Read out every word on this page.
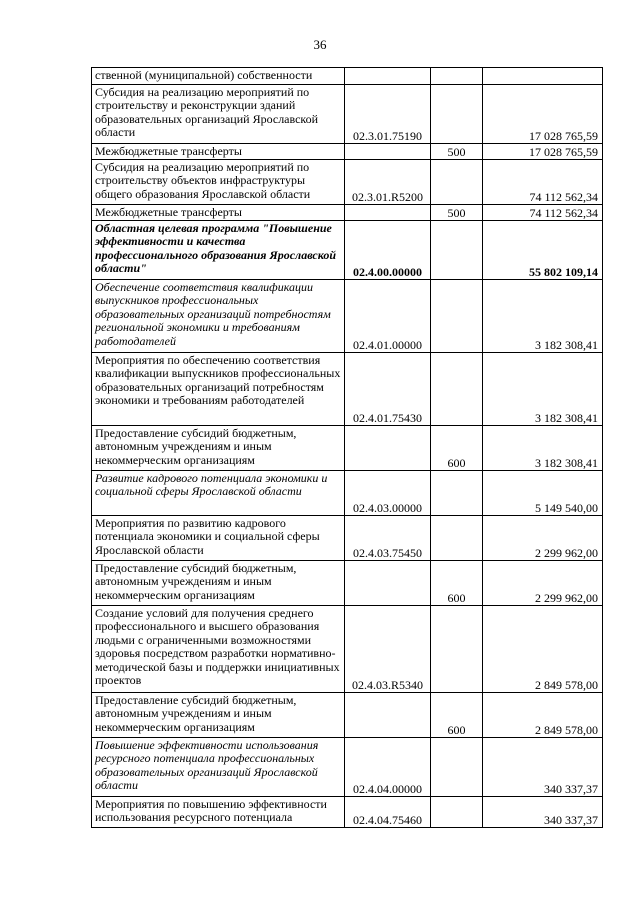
36
ственной (муниципальной) собственности			
Субсидия на реализацию мероприятий по строительству и реконструкции зданий образовательных организаций Ярославской области	02.3.01.75190		17 028 765,59
Межбюджетные трансферты		500	17 028 765,59
Субсидия на реализацию мероприятий по строительству объектов инфраструктуры общего образования Ярославской области	02.3.01.R5200		74 112 562,34
Межбюджетные трансферты		500	74 112 562,34
Областная целевая программа "Повышение эффективности и качества профессионального образования Ярославской области"	02.4.00.00000		55 802 109,14
Обеспечение соответствия квалификации выпускников профессиональных образовательных организаций потребностям региональной экономики и требованиям работодателей	02.4.01.00000		3 182 308,41
Мероприятия по обеспечению соответствия квалификации выпускников профессиональных образовательных организаций потребностям экономики и требованиям работодателей	02.4.01.75430		3 182 308,41
Предоставление субсидий бюджетным, автономным учреждениям и иным некоммерческим организациям		600	3 182 308,41
Развитие кадрового потенциала экономики и социальной сферы Ярославской области	02.4.03.00000		5 149 540,00
Мероприятия по развитию кадрового потенциала экономики и социальной сферы Ярославской области	02.4.03.75450		2 299 962,00
Предоставление субсидий бюджетным, автономным учреждениям и иным некоммерческим организациям		600	2 299 962,00
Создание условий для получения среднего профессионального и высшего образования людьми с ограниченными возможностями здоровья посредством разработки нормативно-методической базы и поддержки инициативных проектов	02.4.03.R5340		2 849 578,00
Предоставление субсидий бюджетным, автономным учреждениям и иным некоммерческим организациям		600	2 849 578,00
Повышение эффективности использования ресурсного потенциала профессиональных образовательных организаций Ярославской области	02.4.04.00000		340 337,37
Мероприятия по повышению эффективности использования ресурсного потенциала	02.4.04.75460		340 337,37
